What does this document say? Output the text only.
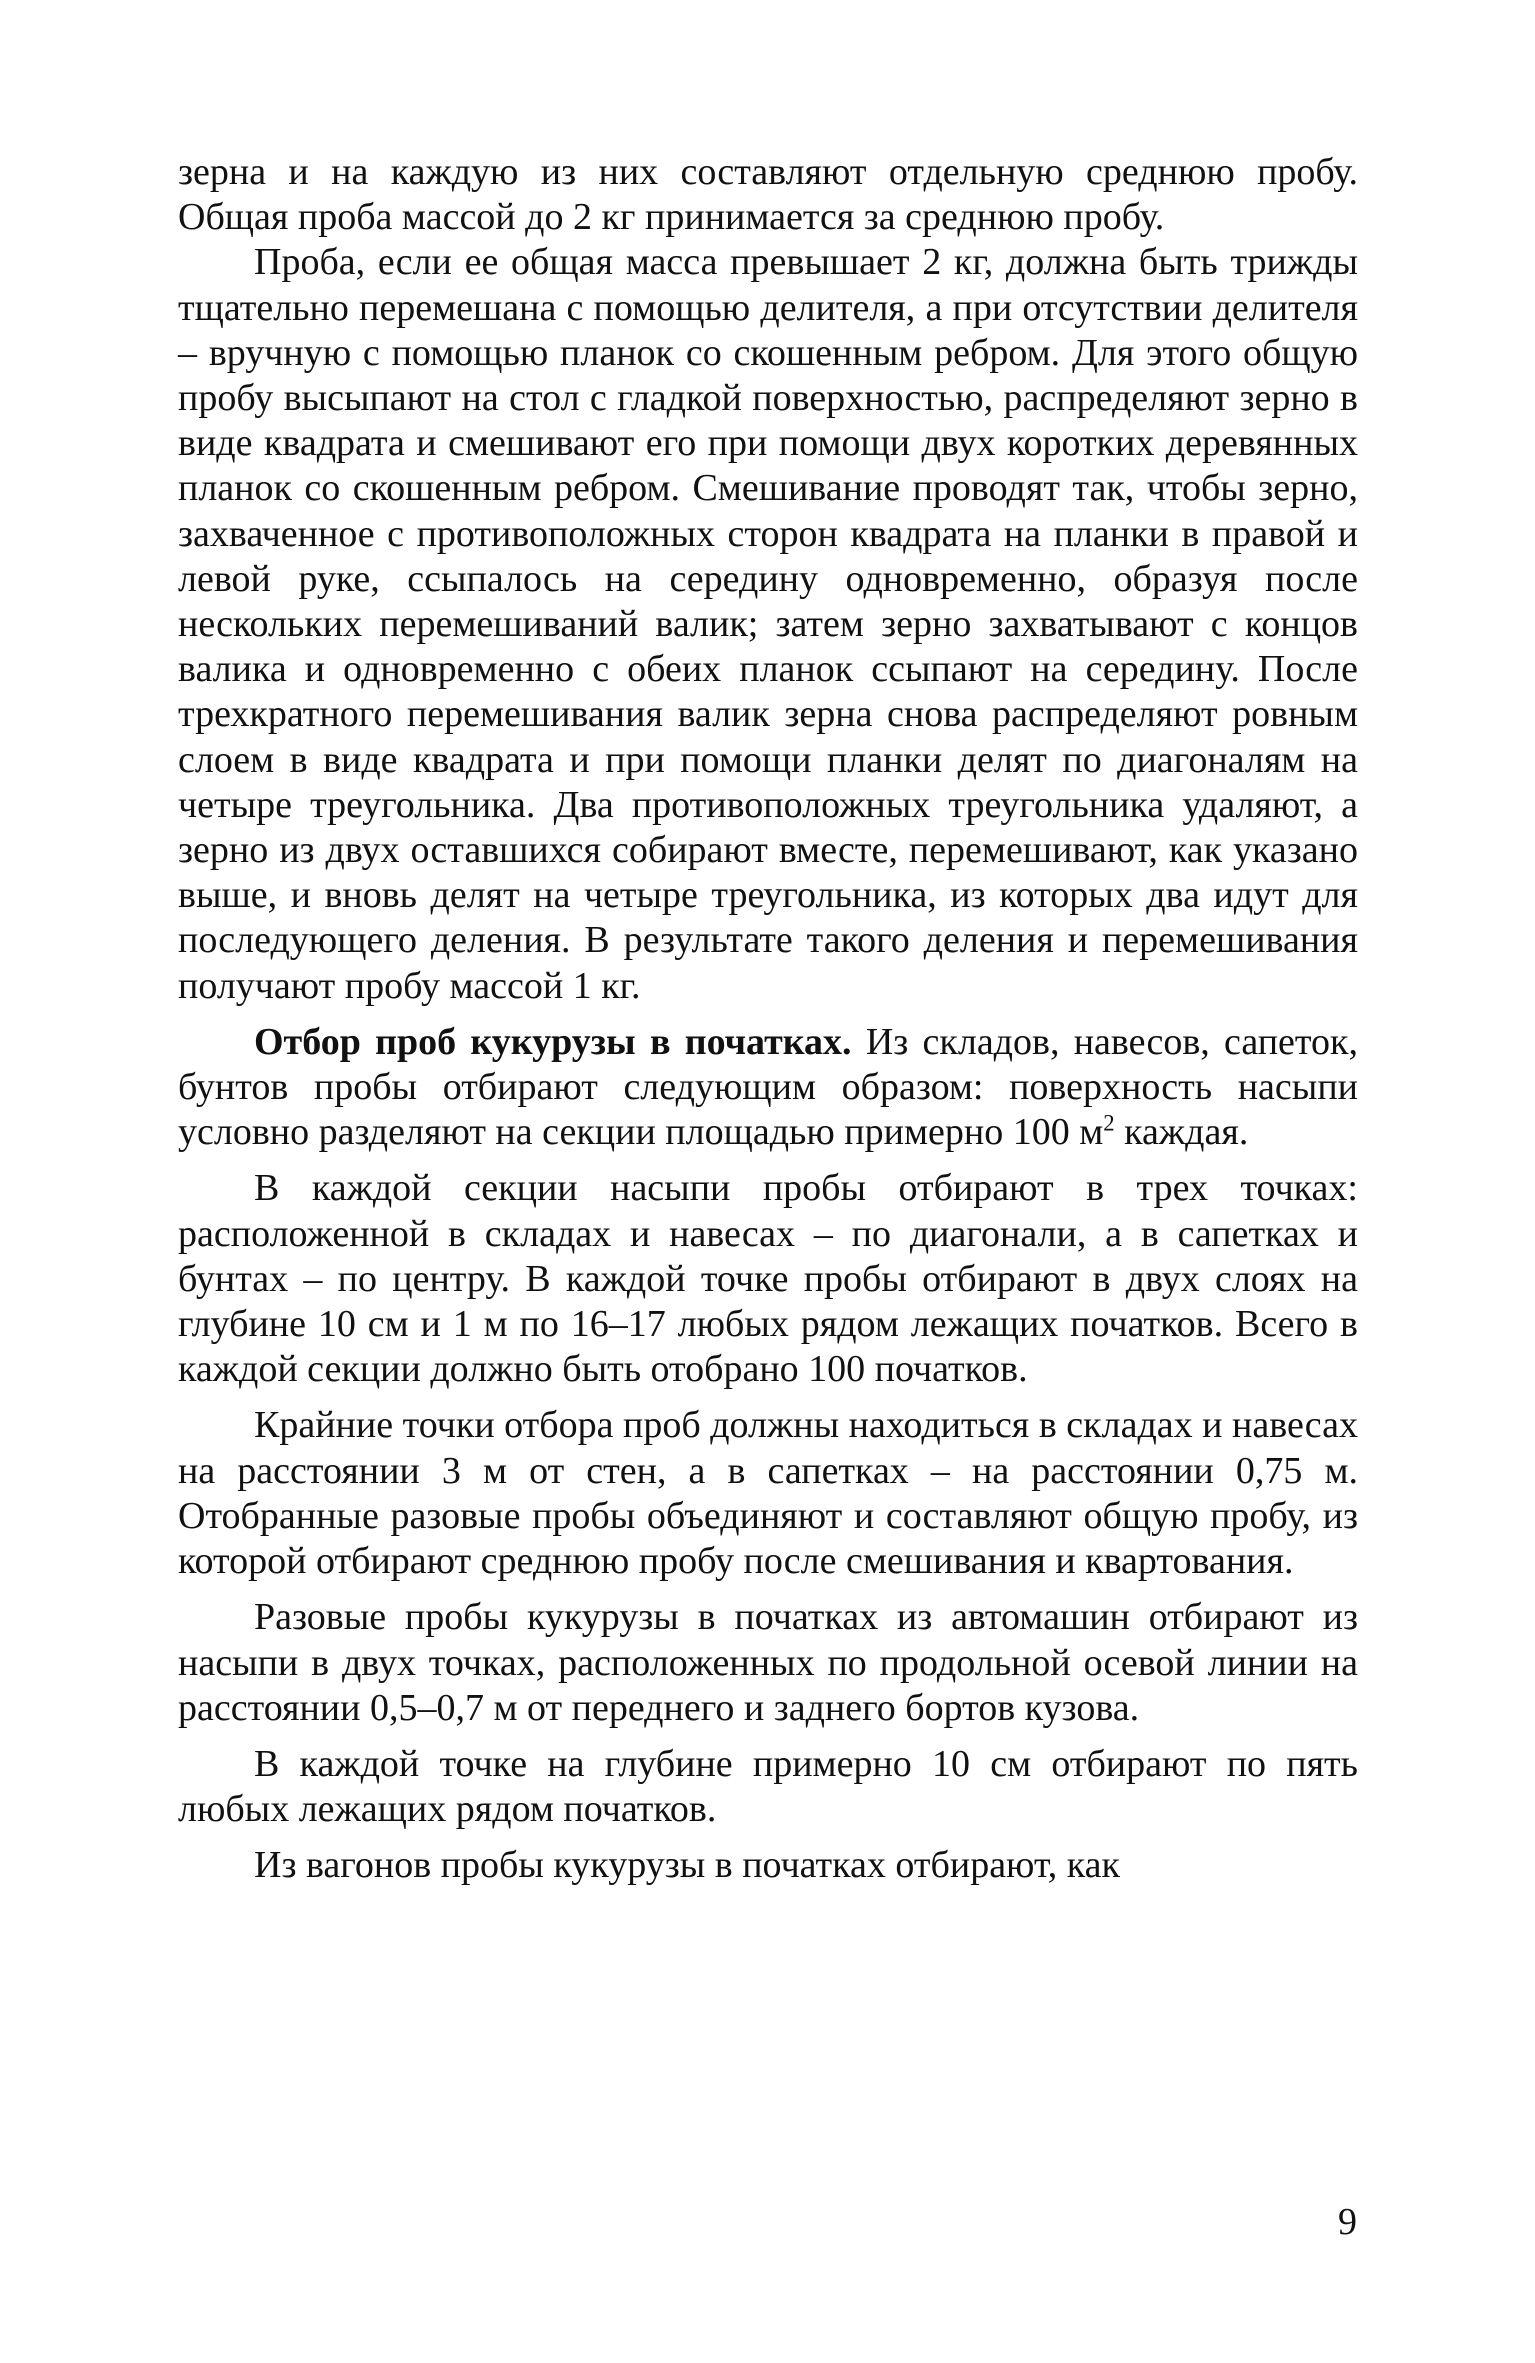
зерна и на каждую из них составляют отдельную среднюю пробу. Общая проба массой до 2 кг принимается за среднюю пробу.

Проба, если ее общая масса превышает 2 кг, должна быть трижды тщательно перемешана с помощью делителя, а при отсутствии делителя – вручную с помощью планок со скошенным ребром. Для этого общую пробу высыпают на стол с гладкой поверхностью, распределяют зерно в виде квадрата и смешивают его при помощи двух коротких деревянных планок со скошенным ребром. Смешивание проводят так, чтобы зерно, захваченное с противоположных сторон квадрата на планки в правой и левой руке, ссыпалось на середину одновременно, образуя после нескольких перемешиваний валик; затем зерно захватывают с концов валика и одновременно с обеих планок ссыпают на середину. После трехкратного перемешивания валик зерна снова распределяют ровным слоем в виде квадрата и при помощи планки делят по диагоналям на четыре треугольника. Два противоположных треугольника удаляют, а зерно из двух оставшихся собирают вместе, перемешивают, как указано выше, и вновь делят на четыре треугольника, из которых два идут для последующего деления. В результате такого деления и перемешивания получают пробу массой 1 кг.

Отбор проб кукурузы в початках. Из складов, навесов, сапеток, бунтов пробы отбирают следующим образом: поверхность насыпи условно разделяют на секции площадью примерно 100 $м^2$ каждая.

В каждой секции насыпи пробы отбирают в трех точках: расположенной в складах и навесах – по диагонали, а в сапетках и бунтах – по центру. В каждой точке пробы отбирают в двух слоях на глубине 10 см и 1 м по 16–17 любых рядом лежащих початков. Всего в каждой секции должно быть отобрано 100 початков.

Крайние точки отбора проб должны находиться в складах и навесах на расстоянии 3 м от стен, а в сапетках – на расстоянии 0,75 м. Отобранные разовые пробы объединяют и составляют общую пробу, из которой отбирают среднюю пробу после смешивания и квартования.

Разовые пробы кукурузы в початках из автомашин отбирают из насыпи в двух точках, расположенных по продольной осевой линии на расстоянии 0,5–0,7 м от переднего и заднего бортов кузова.

В каждой точке на глубине примерно 10 см отбирают по пять любых лежащих рядом початков.

Из вагонов пробы кукурузы в початках отбирают, как

9
